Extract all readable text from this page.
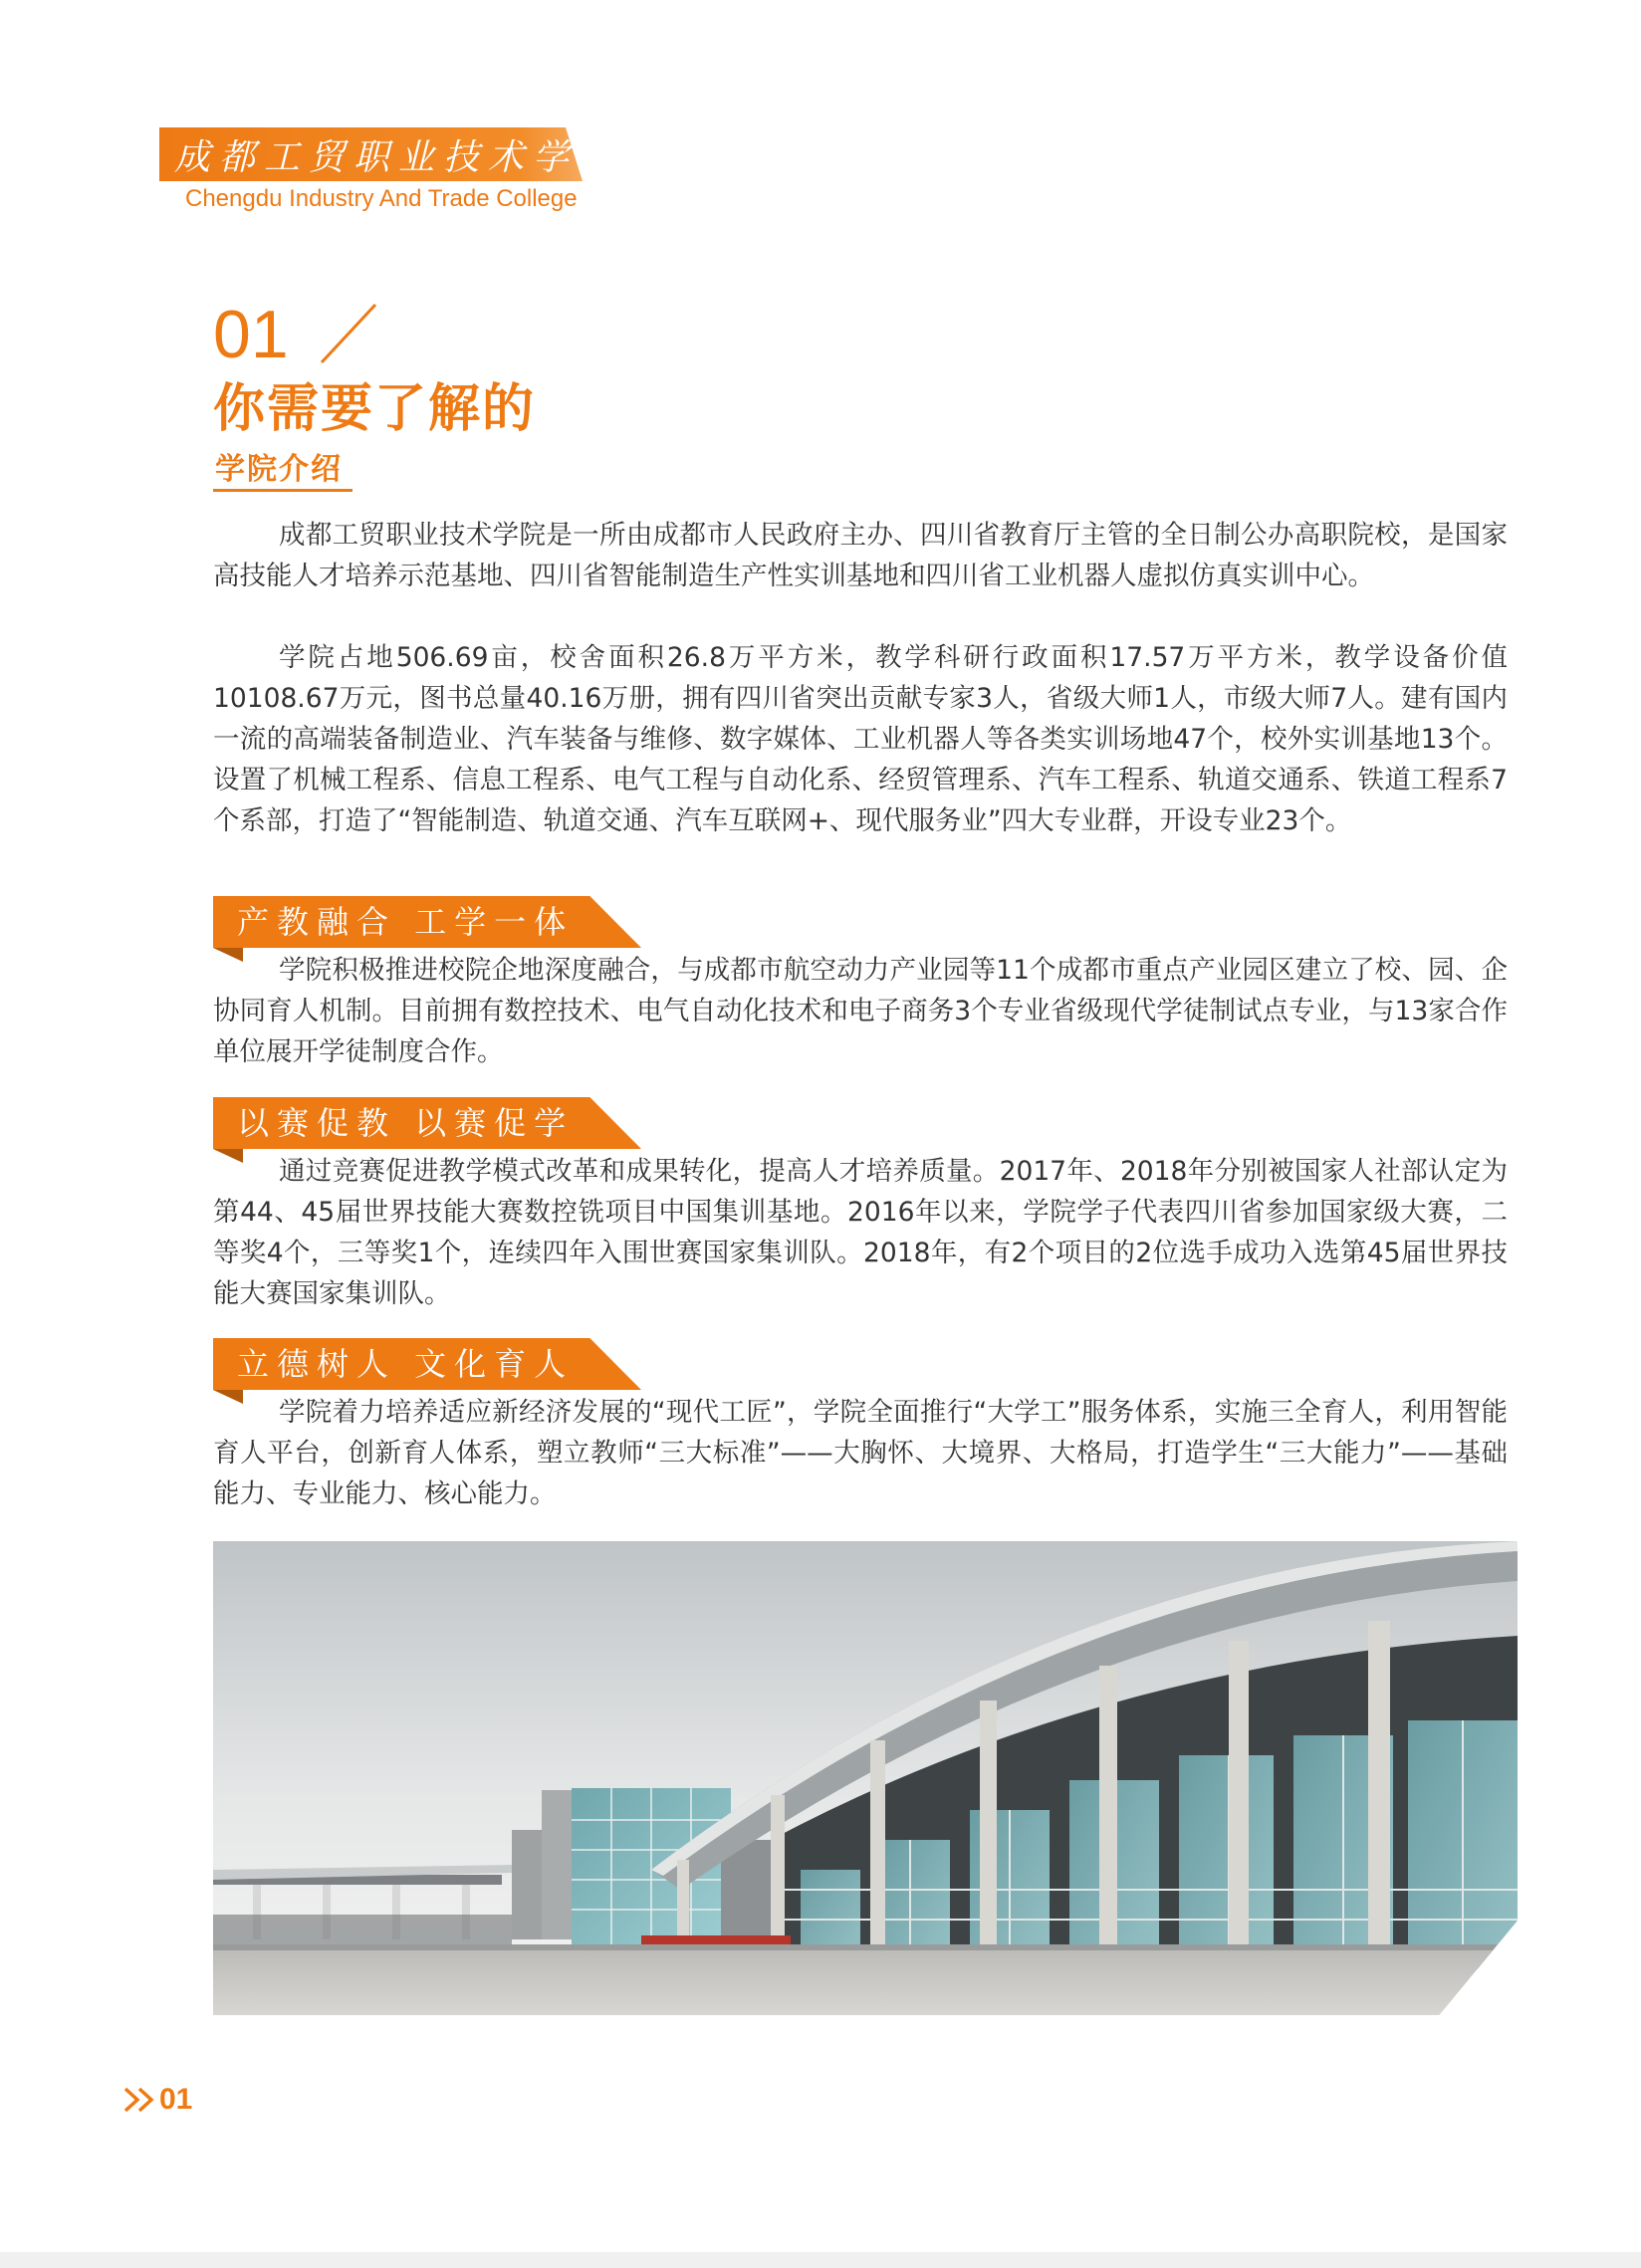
成都工贸职业技术学院
Chengdu Industry And Trade College
01
你需要了解的
学院介绍

成都工贸职业技术学院是一所由成都市人民政府主办、四川省教育厅主管的全日制公办高职院校，是国家高技能人才培养示范基地、四川省智能制造生产性实训基地和四川省工业机器人虚拟仿真实训中心。

学院占地506.69亩，校舍面积26.8万平方米，教学科研行政面积17.57万平方米，教学设备价值10108.67万元，图书总量40.16万册，拥有四川省突出贡献专家3人，省级大师1人，市级大师7人。建有国内一流的高端装备制造业、汽车装备与维修、数字媒体、工业机器人等各类实训场地47个，校外实训基地13个。设置了机械工程系、信息工程系、电气工程与自动化系、经贸管理系、汽车工程系、轨道交通系、铁道工程系7个系部，打造了“智能制造、轨道交通、汽车互联网+、现代服务业”四大专业群，开设专业23个。

产教融合 工学一体

学院积极推进校院企地深度融合，与成都市航空动力产业园等11个成都市重点产业园区建立了校、园、企协同育人机制。目前拥有数控技术、电气自动化技术和电子商务3个专业省级现代学徒制试点专业，与13家合作单位展开学徒制度合作。

以赛促教 以赛促学

通过竞赛促进教学模式改革和成果转化，提高人才培养质量。2017年、2018年分别被国家人社部认定为第44、45届世界技能大赛数控铣项目中国集训基地。2016年以来，学院学子代表四川省参加国家级大赛，二等奖4个，三等奖1个，连续四年入围世赛国家集训队。2018年，有2个项目的2位选手成功入选第45届世界技能大赛国家集训队。

立德树人 文化育人

学院着力培养适应新经济发展的“现代工匠”，学院全面推行“大学工”服务体系，实施三全育人，利用智能育人平台，创新育人体系，塑立教师“三大标准”——大胸怀、大境界、大格局，打造学生“三大能力”——基础能力、专业能力、核心能力。

01
